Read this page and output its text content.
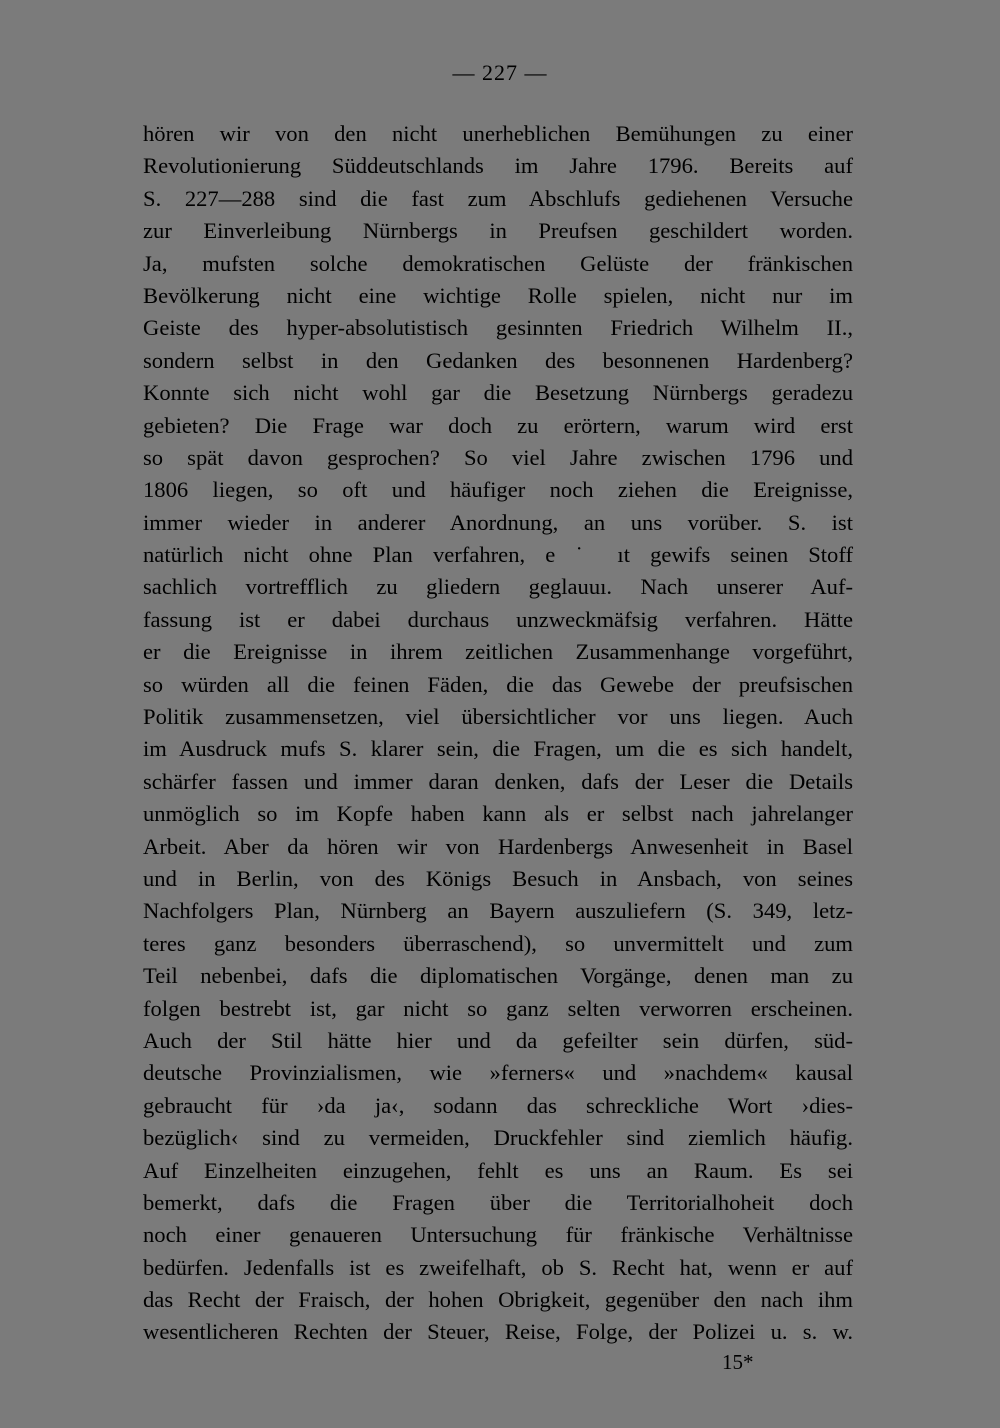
— 227 —
hören wir von den nicht unerheblichen Bemühungen zu einer
Revolutionierung Süddeutschlands im Jahre 1796. Bereits auf
S. 227—288 sind die fast zum Abschlufs gediehenen Versuche
zur Einverleibung Nürnbergs in Preufsen geschildert worden.
Ja, mufsten solche demokratischen Gelüste der fränkischen
Bevölkerung nicht eine wichtige Rolle spielen, nicht nur im
Geiste des hyper-absolutistisch gesinnten Friedrich Wilhelm II.,
sondern selbst in den Gedanken des besonnenen Hardenberg?
Konnte sich nicht wohl gar die Besetzung Nürnbergs geradezu
gebieten? Die Frage war doch zu erörtern, warum wird erst
so spät davon gesprochen? So viel Jahre zwischen 1796 und
1806 liegen, so oft und häufiger noch ziehen die Ereignisse,
immer wieder in anderer Anordnung, an uns vorüber. S. ist
natürlich nicht ohne Plan verfahren, e ˙ ıt gewifs seinen Stoff
sachlich vortrefflich zu gliedern geglauuı. Nach unserer Auf-
fassung ist er dabei durchaus unzweckmäfsig verfahren. Hätte
er die Ereignisse in ihrem zeitlichen Zusammenhange vorgeführt,
so würden all die feinen Fäden, die das Gewebe der preufsischen
Politik zusammensetzen, viel übersichtlicher vor uns liegen. Auch
im Ausdruck mufs S. klarer sein, die Fragen, um die es sich handelt,
schärfer fassen und immer daran denken, dafs der Leser die Details
unmöglich so im Kopfe haben kann als er selbst nach jahrelanger
Arbeit. Aber da hören wir von Hardenbergs Anwesenheit in Basel
und in Berlin, von des Königs Besuch in Ansbach, von seines
Nachfolgers Plan, Nürnberg an Bayern auszuliefern (S. 349, letz-
teres ganz besonders überraschend), so unvermittelt und zum
Teil nebenbei, dafs die diplomatischen Vorgänge, denen man zu
folgen bestrebt ist, gar nicht so ganz selten verworren erscheinen.
Auch der Stil hätte hier und da gefeilter sein dürfen, süd-
deutsche Provinzialismen, wie »ferners« und »nachdem« kausal
gebraucht für ›da ja‹, sodann das schreckliche Wort ›dies-
bezüglich‹ sind zu vermeiden, Druckfehler sind ziemlich häufig.
Auf Einzelheiten einzugehen, fehlt es uns an Raum. Es sei
bemerkt, dafs die Fragen über die Territorialhoheit doch
noch einer genaueren Untersuchung für fränkische Verhältnisse
bedürfen. Jedenfalls ist es zweifelhaft, ob S. Recht hat, wenn er auf
das Recht der Fraisch, der hohen Obrigkeit, gegenüber den nach ihm
wesentlicheren Rechten der Steuer, Reise, Folge, der Polizei u. s. w.
15*
